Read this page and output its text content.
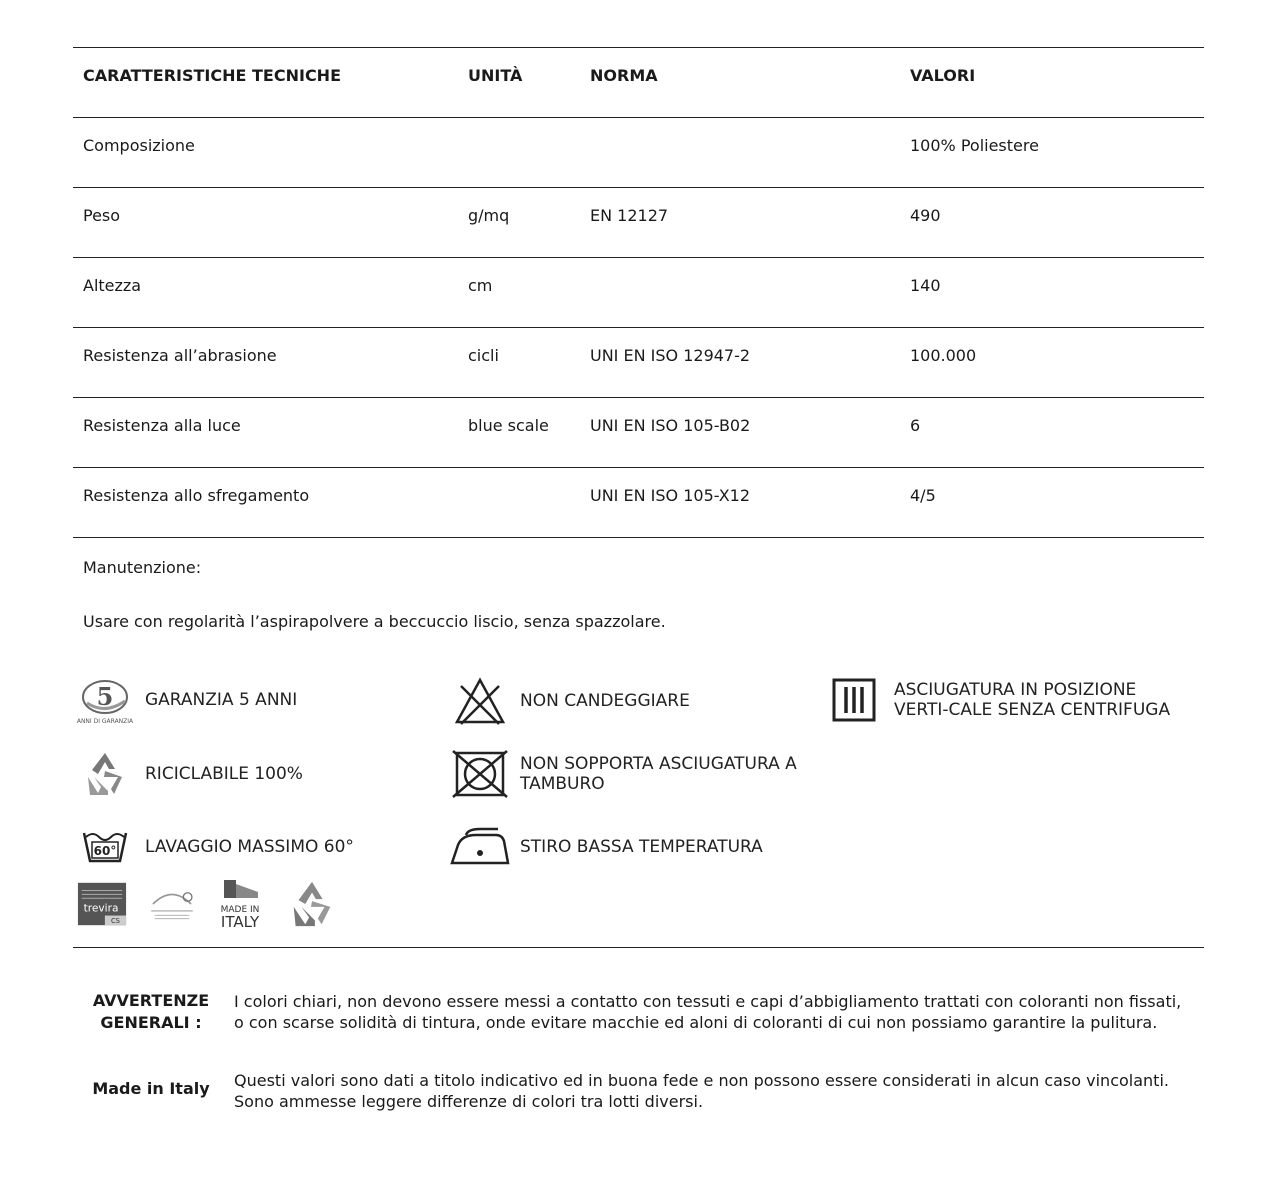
CARATTERISTICHE TECNICHE	UNITÀ	NORMA	VALORI
Composizione			100% Poliestere
Peso	g/mq	EN 12127	490
Altezza	cm		140
Resistenza all’abrasione	cicli	UNI EN ISO 12947-2	100.000
Resistenza alla luce	blue scale	UNI EN ISO 105-B02	6
Resistenza allo sfregamento		UNI EN ISO 105-X12	4/5
Manutenzione:
Usare con regolarità l’aspirapolvere a beccuccio liscio, senza spazzolare.
5
ANNI DI GARANZIA
GARANZIA 5 ANNI
RICICLABILE 100%
60° LAVAGGIO MASSIMO 60°
NON CANDEGGIARE
NON SOPPORTA ASCIUGATURA A TAMBURO
STIRO BASSA TEMPERATURA
ASCIUGATURA IN POSIZIONE VERTI-CALE SENZA CENTRIFUGA
trevira
CS
MADE IN
ITALY
AVVERTENZE GENERALI :
I colori chiari, non devono essere messi a contatto con tessuti e capi d’abbigliamento trattati con coloranti non fissati, o con scarse solidità di tintura, onde evitare macchie ed aloni di coloranti di cui non possiamo garantire la pulitura.
Made in Italy	Questi valori sono dati a titolo indicativo ed in buona fede e non possono essere considerati in alcun caso vincolanti. Sono ammesse leggere differenze di colori tra lotti diversi.
